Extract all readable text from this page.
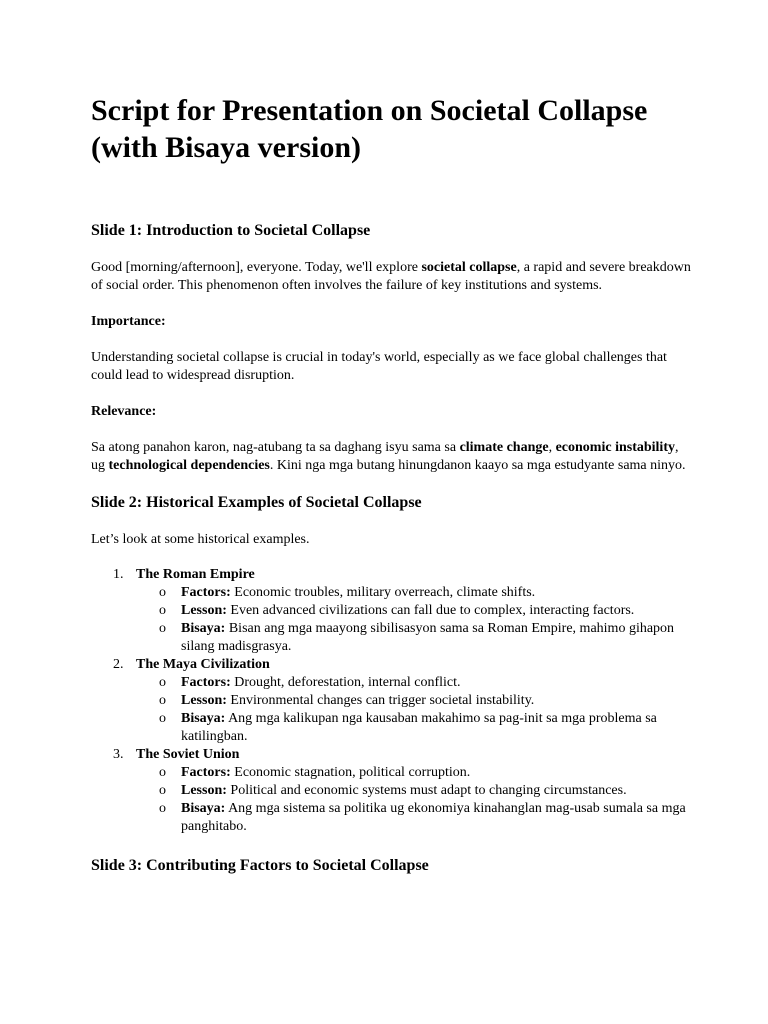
Script for Presentation on Societal Collapse
(with Bisaya version)
Slide 1: Introduction to Societal Collapse

Good [morning/afternoon], everyone. Today, we'll explore societal collapse, a rapid and severe breakdown of social order. This phenomenon often involves the failure of key institutions and systems.

Importance:

Understanding societal collapse is crucial in today's world, especially as we face global challenges that could lead to widespread disruption.

Relevance:

Sa atong panahon karon, nag-atubang ta sa daghang isyu sama sa climate change, economic instability, ug technological dependencies. Kini nga mga butang hinungdanon kaayo sa mga estudyante sama ninyo.

Slide 2: Historical Examples of Societal Collapse

Let’s look at some historical examples.

1. The Roman Empire
o Factors: Economic troubles, military overreach, climate shifts.
o Lesson: Even advanced civilizations can fall due to complex, interacting factors.
o Bisaya: Bisan ang mga maayong sibilisasyon sama sa Roman Empire, mahimo gihapon silang madisgrasya.
2. The Maya Civilization
o Factors: Drought, deforestation, internal conflict.
o Lesson: Environmental changes can trigger societal instability.
o Bisaya: Ang mga kalikupan nga kausaban makahimo sa pag-init sa mga problema sa katilingban.
3. The Soviet Union
o Factors: Economic stagnation, political corruption.
o Lesson: Political and economic systems must adapt to changing circumstances.
o Bisaya: Ang mga sistema sa politika ug ekonomiya kinahanglan mag-usab sumala sa mga panghitabo.
Slide 3: Contributing Factors to Societal Collapse
